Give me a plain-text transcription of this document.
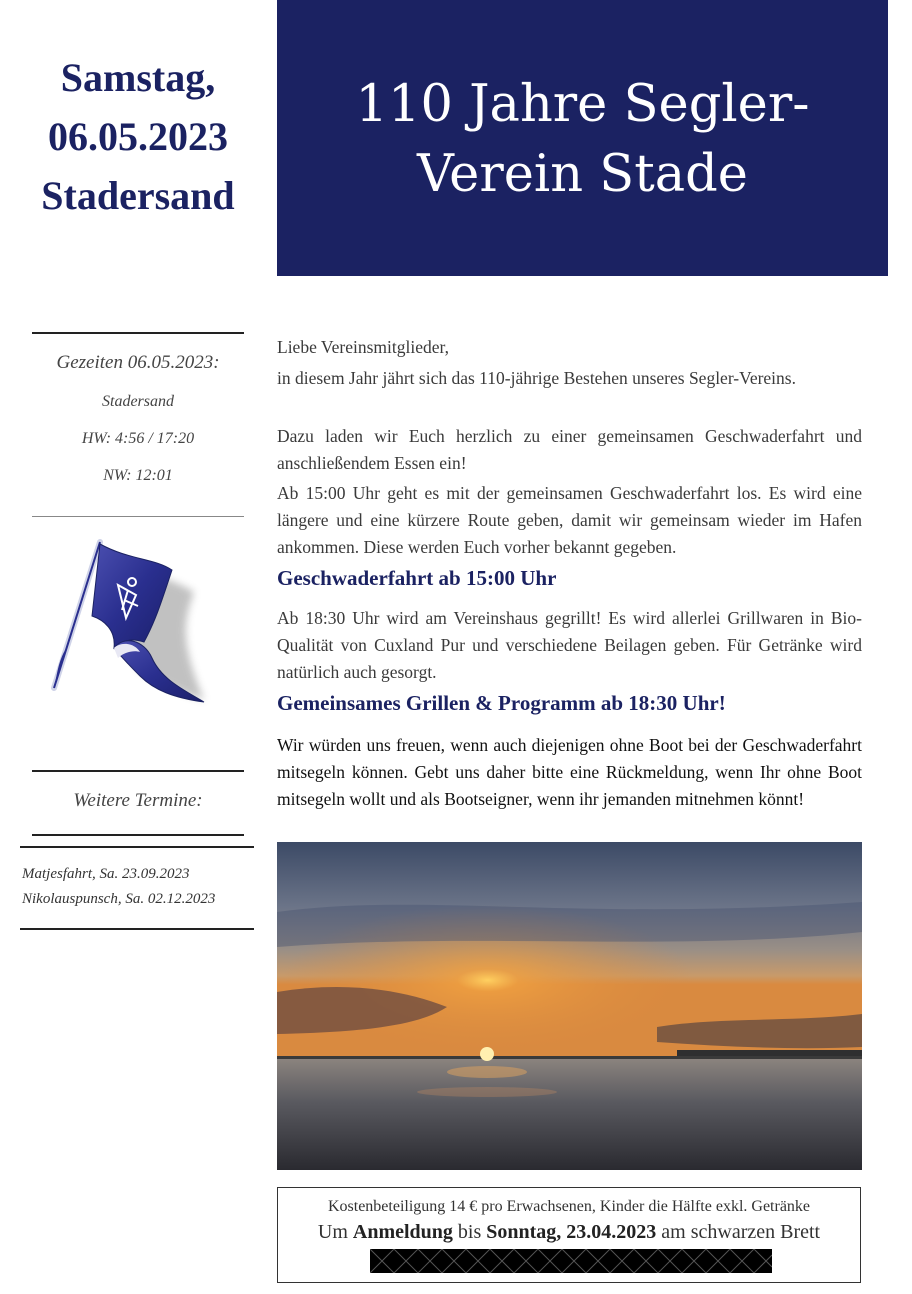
Samstag,
06.05.2023
Stadersand
110 Jahre Segler-
Verein Stade
Gezeiten 06.05.2023:
Stadersand
HW: 4:56 / 17:20
NW: 12:01
Weitere Termine:
Matjesfahrt, Sa. 23.09.2023
Nikolauspunsch, Sa. 02.12.2023
Liebe Vereinsmitglieder,
in diesem Jahr jährt sich das 110-jährige Bestehen unseres Segler-Vereins.
Dazu laden wir Euch herzlich zu einer gemeinsamen Geschwaderfahrt und anschließendem Essen ein!
Ab 15:00 Uhr geht es mit der gemeinsamen Geschwaderfahrt los. Es wird eine längere und eine kürzere Route geben, damit wir gemeinsam wieder im Hafen ankommen. Diese werden Euch vorher bekannt gegeben.
Geschwaderfahrt ab 15:00 Uhr
Ab 18:30 Uhr wird am Vereinshaus gegrillt! Es wird allerlei Grillwaren in Bio-Qualität von Cuxland Pur und verschiedene Beilagen geben. Für Getränke wird natürlich auch gesorgt.
Gemeinsames Grillen & Programm ab 18:30 Uhr!
Wir würden uns freuen, wenn auch diejenigen ohne Boot bei der Geschwaderfahrt mitsegeln können. Gebt uns daher bitte eine Rückmeldung, wenn Ihr ohne Boot mitsegeln wollt und als Bootseigner, wenn ihr jemanden mitnehmen könnt!
Kostenbeteiligung 14 € pro Erwachsenen, Kinder die Hälfte exkl. Getränke
Um Anmeldung bis Sonntag, 23.04.2023 am schwarzen Brett
